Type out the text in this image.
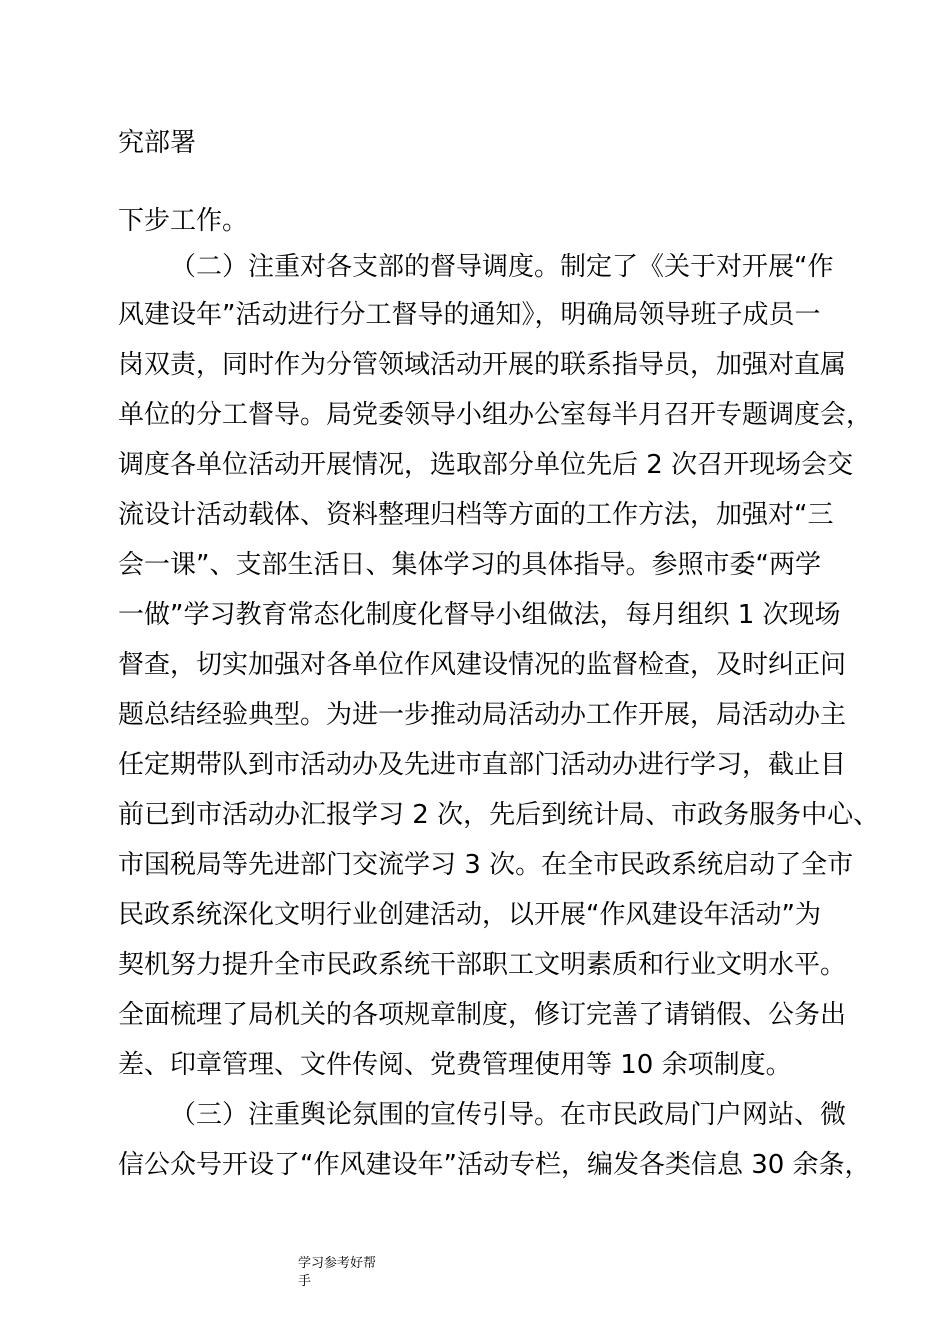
究部署
下步工作。
（二）注重对各支部的督导调度。制定了《关于对开展“作
风建设年”活动进行分工督导的通知》，明确局领导班子成员一
岗双责，同时作为分管领域活动开展的联系指导员，加强对直属
单位的分工督导。局党委领导小组办公室每半月召开专题调度会，
调度各单位活动开展情况，选取部分单位先后 2 次召开现场会交
流设计活动载体、资料整理归档等方面的工作方法，加强对“三
会一课”、支部生活日、集体学习的具体指导。参照市委“两学
一做”学习教育常态化制度化督导小组做法，每月组织 1 次现场
督查，切实加强对各单位作风建设情况的监督检查，及时纠正问
题总结经验典型。为进一步推动局活动办工作开展，局活动办主
任定期带队到市活动办及先进市直部门活动办进行学习，截止目
前已到市活动办汇报学习 2 次，先后到统计局、市政务服务中心、
市国税局等先进部门交流学习 3 次。在全市民政系统启动了全市
民政系统深化文明行业创建活动，以开展“作风建设年活动”为
契机努力提升全市民政系统干部职工文明素质和行业文明水平。
全面梳理了局机关的各项规章制度，修订完善了请销假、公务出
差、印章管理、文件传阅、党费管理使用等 10 余项制度。
（三）注重舆论氛围的宣传引导。在市民政局门户网站、微
信公众号开设了“作风建设年”活动专栏，编发各类信息 30 余条，
学习参考好帮
手
